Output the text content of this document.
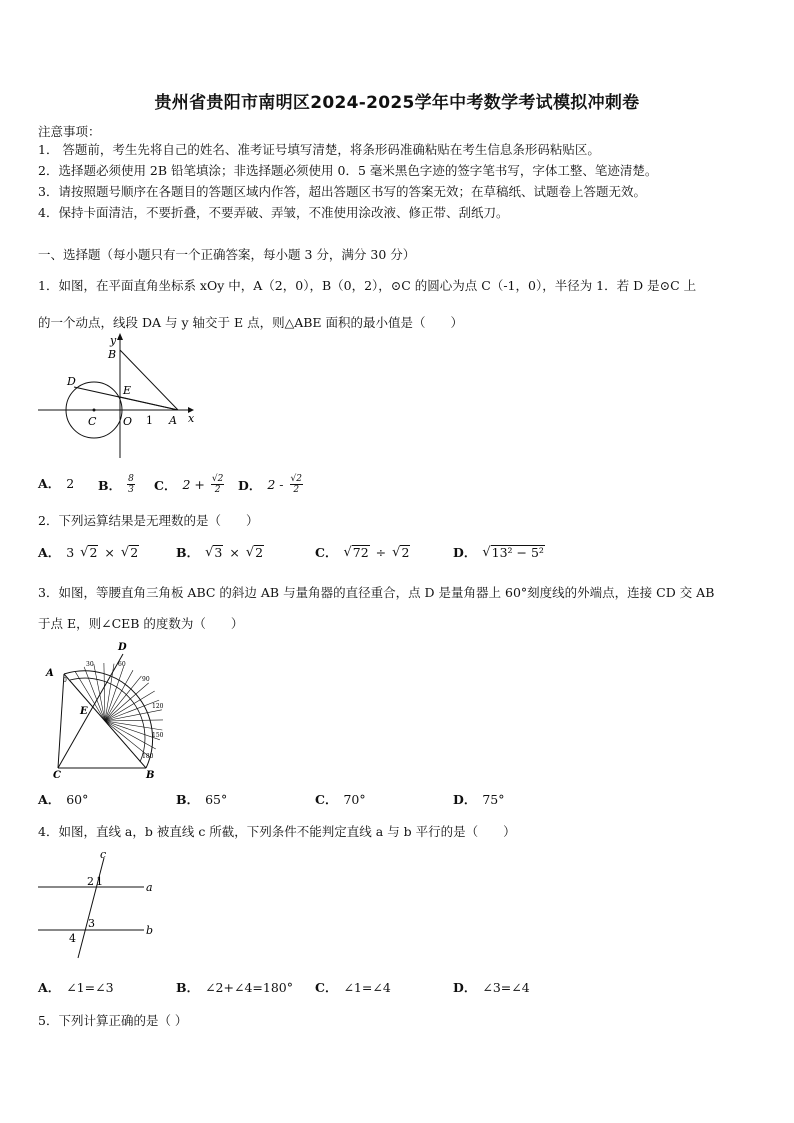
贵州省贵阳市南明区2024-2025学年中考数学考试模拟冲刺卷
注意事项：
1． 答题前，考生先将自己的姓名、准考证号填写清楚，将条形码准确粘贴在考生信息条形码粘贴区。
2．选择题必须使用 2B 铅笔填涂；非选择题必须使用 0．5 毫米黑色字迹的签字笔书写，字体工整、笔迹清楚。
3．请按照题号顺序在各题目的答题区域内作答，超出答题区书写的答案无效；在草稿纸、试题卷上答题无效。
4．保持卡面清洁，不要折叠，不要弄破、弄皱，不准使用涂改液、修正带、刮纸刀。
一、选择题（每小题只有一个正确答案，每小题 3 分，满分 30 分）
1．如图，在平面直角坐标系 xOy 中，A（2，0），B（0，2），⊙C 的圆心为点 C（-1，0），半径为 1．若 D 是⊙C 上
的一个动点，线段 DA 与 y 轴交于 E 点，则△ABE 面积的最小值是（　　）
y
x
B
D
E
C O 1 A
A． 2 B． $\frac{8}{3}$ C． $2 + \frac{√2}{2}$ D． $2 - \frac{√2}{2}$
2．下列运算结果是无理数的是（　　）
A． 3 √ 2 × √ 2	B． √ 3 × √ 2	C． √ 72 ÷ √ 2	D． √ 13² − 5²
3．如图，等腰直角三角板 ABC 的斜边 AB 与量角器的直径重合，点 D 是量角器上 60°刻度线的外端点，连接 CD 交 AB
于点 E，则∠CEB 的度数为（　　）
A
B
C
D
E
0
30	60
90
120
150
180
A． 60°	B． 65°	C． 70°	D． 75°
4．如图，直线 a，b 被直线 c 所截，下列条件不能判定直线 a 与 b 平行的是（　　）
c
a
b
2 1
3
4
A． ∠1=∠3	B． ∠2+∠4=180° C． ∠1=∠4	D． ∠3=∠4
5．下列计算正确的是（ ）
